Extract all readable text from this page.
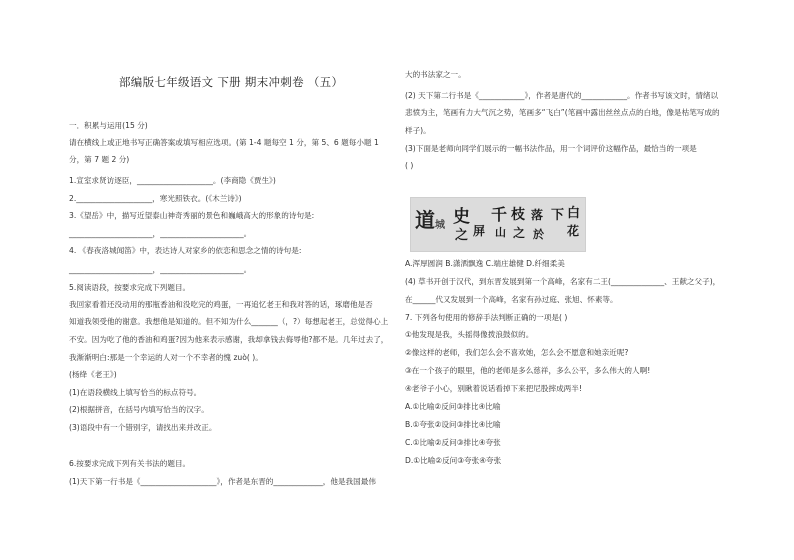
部编版七年级语文 下册 期末冲刺卷 （五）
一．积累与运用(15 分)
请在横线上或正地书写正确答案或填写相应选项。(第 1-4 题每空 1 分，第 5、6 题每小题 1
分，第 7 题 2 分)
1.宣室求贤访逐臣，____________________。(李商隐《贾生》)
2.____________________，寒光照铁衣。(《木兰诗》)
3.《望岳》中，描写近望泰山神奇秀丽的景色和巍峨高大的形象的诗句是:
______________________，______________________。
4. 《春夜洛城闻笛》中，表达诗人对家乡的依恋和思念之情的诗句是:
______________________，______________________。
5.阅读语段，按要求完成下列题目。
我回家看着还没动用的那瓶香油和没吃完的鸡蛋，一再追忆老王和我对答的话，琢磨他是否
知道我领受他的谢意。我想他是知道的。但不知为什么_______（，?）每想起老王，总觉得心上
不安。因为吃了他的香油和鸡蛋?因为他来表示感谢，我却拿钱去侮辱他?都不是。几年过去了，
我渐渐明白:那是一个幸运的人对一个不幸者的愧 zuò( )。
(杨绛《老王》)
(1)在语段横线上填写恰当的标点符号。
(2)根据拼音，在括号内填写恰当的汉字。
(3)语段中有一个错别字，请找出来并改正。
6.按要求完成下列有关书法的题目。
(1)天下第一行书是《____________________》，作者是东晋的_____________，他是我国最伟
大的书法家之一。
(2) 天下第二行书是《____________》，作者是唐代的____________。作者书写该文时，情绪以
悲愤为主，笔画有力大气沉之势，笔画多“飞白”(笔画中露出丝丝点点的白地，像是枯笔写成的
样子)。
(3)下面是老师向同学们展示的一幅书法作品，用一个词评价这幅作品，最恰当的一项是
( )
道 城 史
之 屏
千
山
枝
之
落
於
下 白
花
A.浑厚圆润 B.潇洒飘逸 C.端庄雄健 D.纤细柔美
(4) 草书开创于汉代，到东晋发展到第一个高峰，名家有二王(______________、王献之父子)，
在______代又发展到一个高峰，名家有孙过庭、张旭、怀素等。
7. 下列各句使用的修辞手法判断正确的一项是( )
①他发现是我，头摇得像拨浪鼓似的。
②像这样的老师，我们怎么会不喜欢她，怎么会不愿意和她亲近呢?
③在一个孩子的眼里，他的老师是多么慈祥，多么公平，多么伟大的人啊!
④老爷子小心，别瞅着说话看掉下来把尼股摔成两半!
A.①比喻②反问③排比④比喻
B.①夸张②设问③排比④比喻
C.①比喻②反问③排比④夸张
D.①比喻②反问③夸张④夸张
